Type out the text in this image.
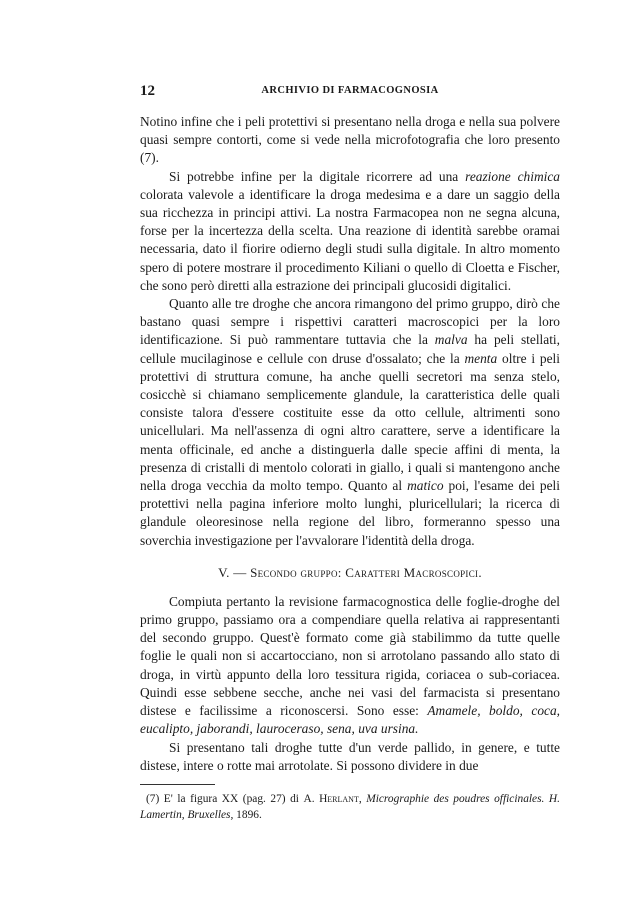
12	ARCHIVIO DI FARMACOGNOSIA

Notino infine che i peli protettivi si presentano nella droga e nella sua polvere quasi sempre contorti, come si vede nella microfotografia che loro presento (7).

Si potrebbe infine per la digitale ricorrere ad una reazione chimica colorata valevole a identificare la droga medesima e a dare un saggio della sua ricchezza in principi attivi. La nostra Farmacopea non ne segna alcuna, forse per la incertezza della scelta. Una reazione di identità sarebbe oramai necessaria, dato il fiorire odierno degli studi sulla digitale. In altro momento spero di potere mostrare il procedimento Kiliani o quello di Cloetta e Fischer, che sono però diretti alla estrazione dei principali glucosidi digitalici.

Quanto alle tre droghe che ancora rimangono del primo gruppo, dirò che bastano quasi sempre i rispettivi caratteri macroscopici per la loro identificazione. Si può rammentare tuttavia che la malva ha peli stellati, cellule mucilaginose e cellule con druse d'ossalato; che la menta oltre i peli protettivi di struttura comune, ha anche quelli secretori ma senza stelo, cosicchè si chiamano semplicemente glandule, la caratteristica delle quali consiste talora d'essere costituite esse da otto cellule, altrimenti sono unicellulari. Ma nell'assenza di ogni altro carattere, serve a identificare la menta officinale, ed anche a distinguerla dalle specie affini di menta, la presenza di cristalli di mentolo colorati in giallo, i quali si mantengono anche nella droga vecchia da molto tempo. Quanto al matico poi, l'esame dei peli protettivi nella pagina inferiore molto lunghi, pluricellulari; la ricerca di glandule oleoresinose nella regione del libro, formeranno spesso una soverchia investigazione per l'avvalorare l'identità della droga.

V. — Secondo gruppo: Caratteri Macroscopici.

Compiuta pertanto la revisione farmacognostica delle foglie-droghe del primo gruppo, passiamo ora a compendiare quella relativa ai rappresentanti del secondo gruppo. Quest'è formato come già stabilimmo da tutte quelle foglie le quali non si accartocciano, non si arrotolano passando allo stato di droga, in virtù appunto della loro tessitura rigida, coriacea o sub-coriacea. Quindi esse sebbene secche, anche nei vasi del farmacista si presentano distese e facilissime a riconoscersi. Sono esse: Amamele, boldo, coca, eucalipto, jaborandi, lauroceraso, sena, uva ursina.

Si presentano tali droghe tutte d'un verde pallido, in genere, e tutte distese, intere o rotte mai arrotolate. Si possono dividere in due

(7) E' la figura XX (pag. 27) di A. Herlant, Micrographie des poudres officinales. H. Lamertin, Bruxelles, 1896.
